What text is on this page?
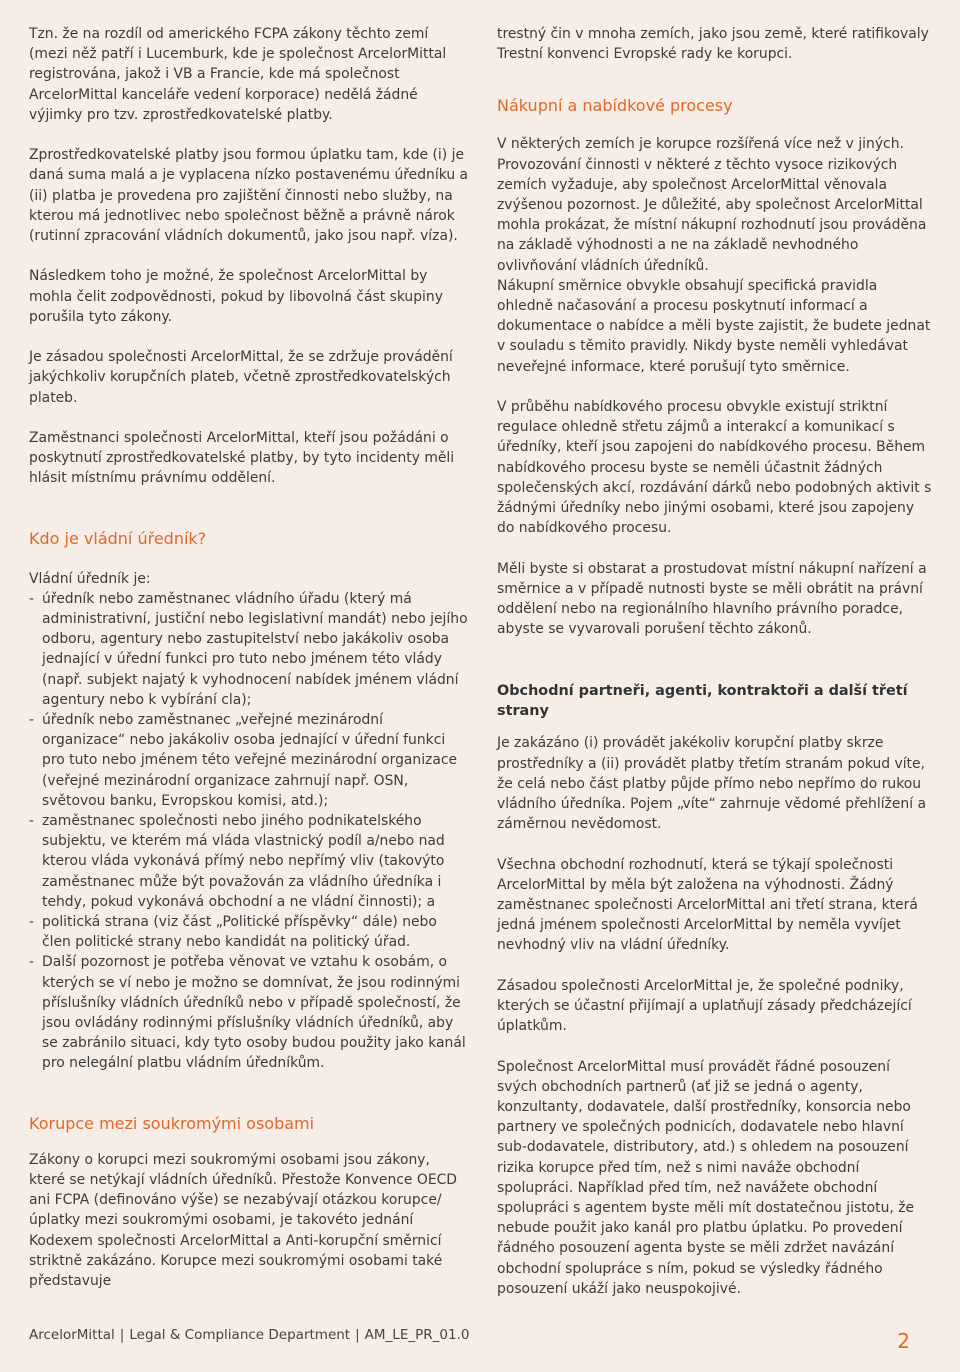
Tzn. že na rozdíl od amerického FCPA zákony těchto zemí (mezi něž patří i Lucemburk, kde je společnost ArcelorMittal registrována, jakož i VB a Francie, kde má společnost ArcelorMittal kanceláře vedení korporace) nedělá žádné výjimky pro tzv. zprostředkovatelské platby.

Zprostředkovatelské platby jsou formou úplatku tam, kde (i) je daná suma malá a je vyplacena nízko postavenému úředníku a (ii) platba je provedena pro zajištění činnosti nebo služby, na kterou má jednotlivec nebo společnost běžně a právně nárok (rutinní zpracování vládních dokumentů, jako jsou např. víza).

Následkem toho je možné, že společnost ArcelorMittal by mohla čelit zodpovědnosti, pokud by libovolná část skupiny porušila tyto zákony.

Je zásadou společnosti ArcelorMittal, že se zdržuje provádění jakýchkoliv korupčních plateb, včetně zprostředkovatelských plateb.

Zaměstnanci společnosti ArcelorMittal, kteří jsou požádáni o poskytnutí zprostředkovatelské platby, by tyto incidenty měli hlásit místnímu právnímu oddělení.

Kdo je vládní úředník?

Vládní úředník je:

- úředník nebo zaměstnanec vládního úřadu (který má administrativní, justiční nebo legislativní mandát) nebo jejího odboru, agentury nebo zastupitelství nebo jakákoliv osoba jednající v úřední funkci pro tuto nebo jménem této vlády (např. subjekt najatý k vyhodnocení nabídek jménem vládní agentury nebo k vybírání cla);
- úředník nebo zaměstnanec „veřejné mezinárodní organizace“ nebo jakákoliv osoba jednající v úřední funkci pro tuto nebo jménem této veřejné mezinárodní organizace (veřejné mezinárodní organizace zahrnují např. OSN, světovou banku, Evropskou komisi, atd.);
- zaměstnanec společnosti nebo jiného podnikatelského subjektu, ve kterém má vláda vlastnický podíl a/nebo nad kterou vláda vykonává přímý nebo nepřímý vliv (takovýto zaměstnanec může být považován za vládního úředníka i tehdy, pokud vykonává obchodní a ne vládní činnosti); a
- politická strana (viz část „Politické příspěvky“ dále) nebo člen politické strany nebo kandidát na politický úřad.
- Další pozornost je potřeba věnovat ve vztahu k osobám, o kterých se ví nebo je možno se domnívat, že jsou rodinnými příslušníky vládních úředníků nebo v případě společností, že jsou ovládány rodinnými příslušníky vládních úředníků, aby se zabránilo situaci, kdy tyto osoby budou použity jako kanál pro nelegální platbu vládním úředníkům.
Korupce mezi soukromými osobami

Zákony o korupci mezi soukromými osobami jsou zákony, které se netýkají vládních úředníků. Přestože Konvence OECD ani FCPA (definováno výše) se nezabývají otázkou korupce/úplatky mezi soukromými osobami, je takovéto jednání Kodexem společnosti ArcelorMittal a Anti-korupční směrnicí striktně zakázáno. Korupce mezi soukromými osobami také představuje

trestný čin v mnoha zemích, jako jsou země, které ratifikovaly Trestní konvenci Evropské rady ke korupci.

Nákupní a nabídkové procesy

V některých zemích je korupce rozšířená více než v jiných. Provozování činnosti v některé z těchto vysoce rizikových zemích vyžaduje, aby společnost ArcelorMittal věnovala zvýšenou pozornost. Je důležité, aby společnost ArcelorMittal mohla prokázat, že místní nákupní rozhodnutí jsou prováděna na základě výhodnosti a ne na základě nevhodného ovlivňování vládních úředníků.

Nákupní směrnice obvykle obsahují specifická pravidla ohledně načasování a procesu poskytnutí informací a dokumentace o nabídce a měli byste zajistit, že budete jednat v souladu s těmito pravidly. Nikdy byste neměli vyhledávat neveřejné informace, které porušují tyto směrnice.

V průběhu nabídkového procesu obvykle existují striktní regulace ohledně střetu zájmů a interakcí a komunikací s úředníky, kteří jsou zapojeni do nabídkového procesu. Během nabídkového procesu byste se neměli účastnit žádných společenských akcí, rozdávání dárků nebo podobných aktivit s žádnými úředníky nebo jinými osobami, které jsou zapojeny do nabídkového procesu.

Měli byste si obstarat a prostudovat místní nákupní nařízení a směrnice a v případě nutnosti byste se měli obrátit na právní oddělení nebo na regionálního hlavního právního poradce, abyste se vyvarovali porušení těchto zákonů.

Obchodní partneři, agenti, kontraktoři a další třetí strany

Je zakázáno (i) provádět jakékoliv korupční platby skrze prostředníky a (ii) provádět platby třetím stranám pokud víte, že celá nebo část platby půjde přímo nebo nepřímo do rukou vládního úředníka. Pojem „víte“ zahrnuje vědomé přehlížení a záměrnou nevědomost.

Všechna obchodní rozhodnutí, která se týkají společnosti ArcelorMittal by měla být založena na výhodnosti. Žádný zaměstnanec společnosti ArcelorMittal ani třetí strana, která jedná jménem společnosti ArcelorMittal by neměla vyvíjet nevhodný vliv na vládní úředníky.

Zásadou společnosti ArcelorMittal je, že společné podniky, kterých se účastní přijímají a uplatňují zásady předcházející úplatkům.

Společnost ArcelorMittal musí provádět řádné posouzení svých obchodních partnerů (ať již se jedná o agenty, konzultanty, dodavatele, další prostředníky, konsorcia nebo partnery ve společných podnicích, dodavatele nebo hlavní sub-dodavatele, distributory, atd.) s ohledem na posouzení rizika korupce před tím, než s nimi naváže obchodní spolupráci. Například před tím, než navážete obchodní spolupráci s agentem byste měli mít dostatečnou jistotu, že nebude použit jako kanál pro platbu úplatku. Po provedení řádného posouzení agenta byste se měli zdržet navázání obchodní spolupráce s ním, pokud se výsledky řádného posouzení ukáží jako neuspokojivé.

ArcelorMittal | Legal & Compliance Department | AM_LE_PR_01.0	2
